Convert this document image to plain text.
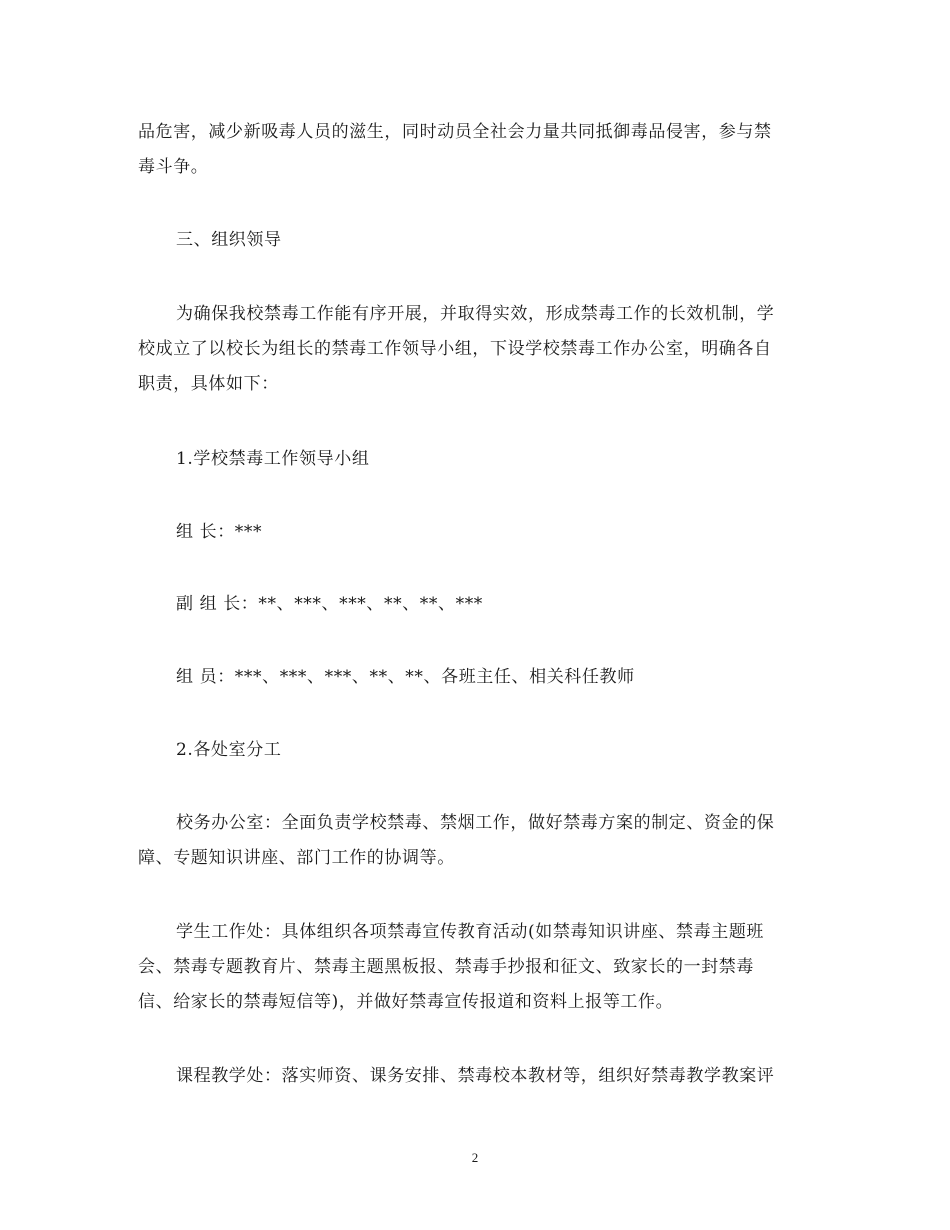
品危害，减少新吸毒人员的滋生，同时动员全社会力量共同抵御毒品侵害，参与禁
毒斗争。
三、组织领导
为确保我校禁毒工作能有序开展，并取得实效，形成禁毒工作的长效机制，学
校成立了以校长为组长的禁毒工作领导小组，下设学校禁毒工作办公室，明确各自
职责，具体如下：
1.学校禁毒工作领导小组
组 长：***
副 组 长：**、***、***、**、**、***
组 员：***、***、***、**、**、各班主任、相关科任教师
2.各处室分工
校务办公室：全面负责学校禁毒、禁烟工作，做好禁毒方案的制定、资金的保
障、专题知识讲座、部门工作的协调等。
学生工作处：具体组织各项禁毒宣传教育活动(如禁毒知识讲座、禁毒主题班
会、禁毒专题教育片、禁毒主题黑板报、禁毒手抄报和征文、致家长的一封禁毒
信、给家长的禁毒短信等)，并做好禁毒宣传报道和资料上报等工作。
课程教学处：落实师资、课务安排、禁毒校本教材等，组织好禁毒教学教案评
2
